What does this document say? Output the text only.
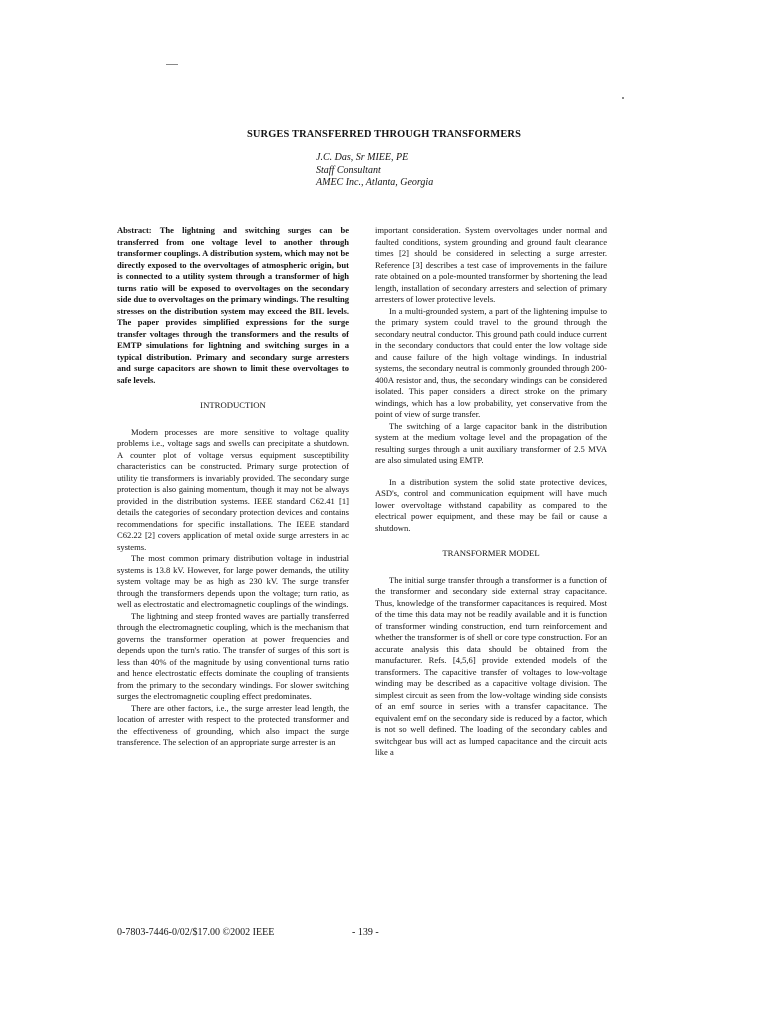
SURGES TRANSFERRED THROUGH TRANSFORMERS
J.C. Das, Sr MIEE, PE
Staff Consultant
AMEC Inc., Atlanta, Georgia

Abstract: The lightning and switching surges can be transferred from one voltage level to another through transformer couplings. A distribution system, which may not be directly exposed to the overvoltages of atmospheric origin, but is connected to a utility system through a transformer of high turns ratio will be exposed to overvoltages on the secondary side due to overvoltages on the primary windings. The resulting stresses on the distribution system may exceed the BIL levels. The paper provides simplified expressions for the surge transfer voltages through the transformers and the results of EMTP simulations for lightning and switching surges in a typical distribution. Primary and secondary surge arresters and surge capacitors are shown to limit these overvoltages to safe levels.

INTRODUCTION

Modern processes are more sensitive to voltage quality problems i.e., voltage sags and swells can precipitate a shutdown. A counter plot of voltage versus equipment susceptibility characteristics can be constructed. Primary surge protection of utility tie transformers is invariably provided. The secondary surge protection is also gaining momentum, though it may not be always provided in the distribution systems. IEEE standard C62.41 [1] details the categories of secondary protection devices and contains recommendations for specific installations. The IEEE standard C62.22 [2] covers application of metal oxide surge arresters in ac systems.

The most common primary distribution voltage in industrial systems is 13.8 kV. However, for large power demands, the utility system voltage may be as high as 230 kV. The surge transfer through the transformers depends upon the voltage; turn ratio, as well as electrostatic and electromagnetic couplings of the windings.

The lightning and steep fronted waves are partially transferred through the electromagnetic coupling, which is the mechanism that governs the transformer operation at power frequencies and depends upon the turn's ratio. The transfer of surges of this sort is less than 40% of the magnitude by using conventional turns ratio and hence electrostatic effects dominate the coupling of transients from the primary to the secondary windings. For slower switching surges the electromagnetic coupling effect predominates.

There are other factors, i.e., the surge arrester lead length, the location of arrester with respect to the protected transformer and the effectiveness of grounding, which also impact the surge transference. The selection of an appropriate surge arrester is an

important consideration. System overvoltages under normal and faulted conditions, system grounding and ground fault clearance times [2] should be considered in selecting a surge arrester. Reference [3] describes a test case of improvements in the failure rate obtained on a pole-mounted transformer by shortening the lead length, installation of secondary arresters and selection of primary arresters of lower protective levels.

In a multi-grounded system, a part of the lightening impulse to the primary system could travel to the ground through the secondary neutral conductor. This ground path could induce current in the secondary conductors that could enter the low voltage side and cause failure of the high voltage windings. In industrial systems, the secondary neutral is commonly grounded through 200-400A resistor and, thus, the secondary windings can be considered isolated. This paper considers a direct stroke on the primary windings, which has a low probability, yet conservative from the point of view of surge transfer.

The switching of a large capacitor bank in the distribution system at the medium voltage level and the propagation of the resulting surges through a unit auxiliary transformer of 2.5 MVA are also simulated using EMTP.

In a distribution system the solid state protective devices, ASD's, control and communication equipment will have much lower overvoltage withstand capability as compared to the electrical power equipment, and these may be fail or cause a shutdown.

TRANSFORMER MODEL

The initial surge transfer through a transformer is a function of the transformer and secondary side external stray capacitance. Thus, knowledge of the transformer capacitances is required. Most of the time this data may not be readily available and it is function of transformer winding construction, end turn reinforcement and whether the transformer is of shell or core type construction. For an accurate analysis this data should be obtained from the manufacturer. Refs. [4,5,6] provide extended models of the transformers. The capacitive transfer of voltages to low-voltage winding may be described as a capacitive voltage division. The simplest circuit as seen from the low-voltage winding side consists of an emf source in series with a transfer capacitance. The equivalent emf on the secondary side is reduced by a factor, which is not so well defined. The loading of the secondary cables and switchgear bus will act as lumped capacitance and the circuit acts like a

0-7803-7446-0/02/$17.00 ©2002 IEEE	- 139 -
